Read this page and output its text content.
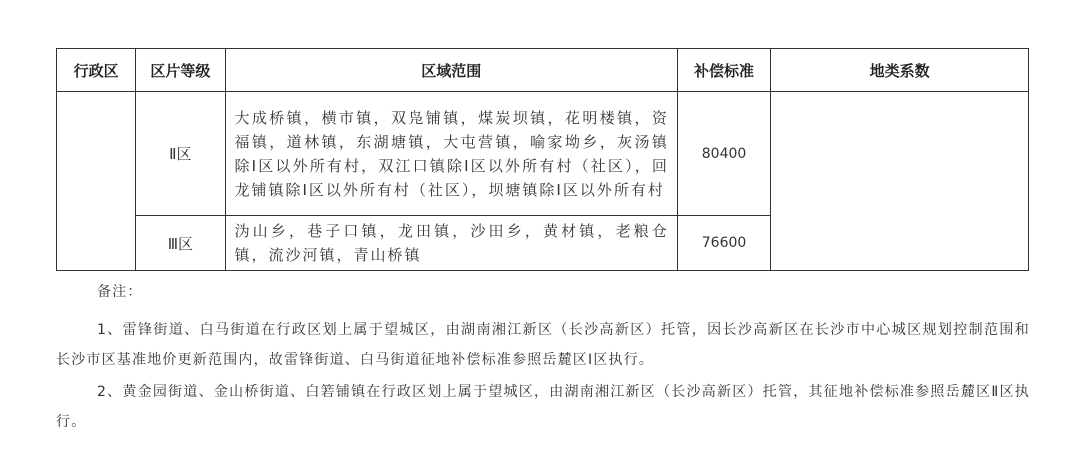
行政区	区片等级	区域范围	补偿标准	地类系数
	Ⅱ区	大成桥镇，横市镇，双凫铺镇，煤炭坝镇，花明楼镇，资福镇，道林镇，东湖塘镇，大屯营镇，喻家坳乡，灰汤镇除Ⅰ区以外所有村，双江口镇除Ⅰ区以外所有村（社区），回龙铺镇除Ⅰ区以外所有村（社区），坝塘镇除Ⅰ区以外所有村	80400	
	Ⅲ区	沩山乡，巷子口镇，龙田镇，沙田乡，黄材镇，老粮仓镇，流沙河镇，青山桥镇	76600	

备注：

1、雷锋街道、白马街道在行政区划上属于望城区，由湖南湘江新区（长沙高新区）托管，因长沙高新区在长沙市中心城区规划控制范围和长沙市区基准地价更新范围内，故雷锋街道、白马街道征地补偿标准参照岳麓区Ⅰ区执行。

2、黄金园街道、金山桥街道、白箬铺镇在行政区划上属于望城区，由湖南湘江新区（长沙高新区）托管，其征地补偿标准参照岳麓区Ⅱ区执行。
